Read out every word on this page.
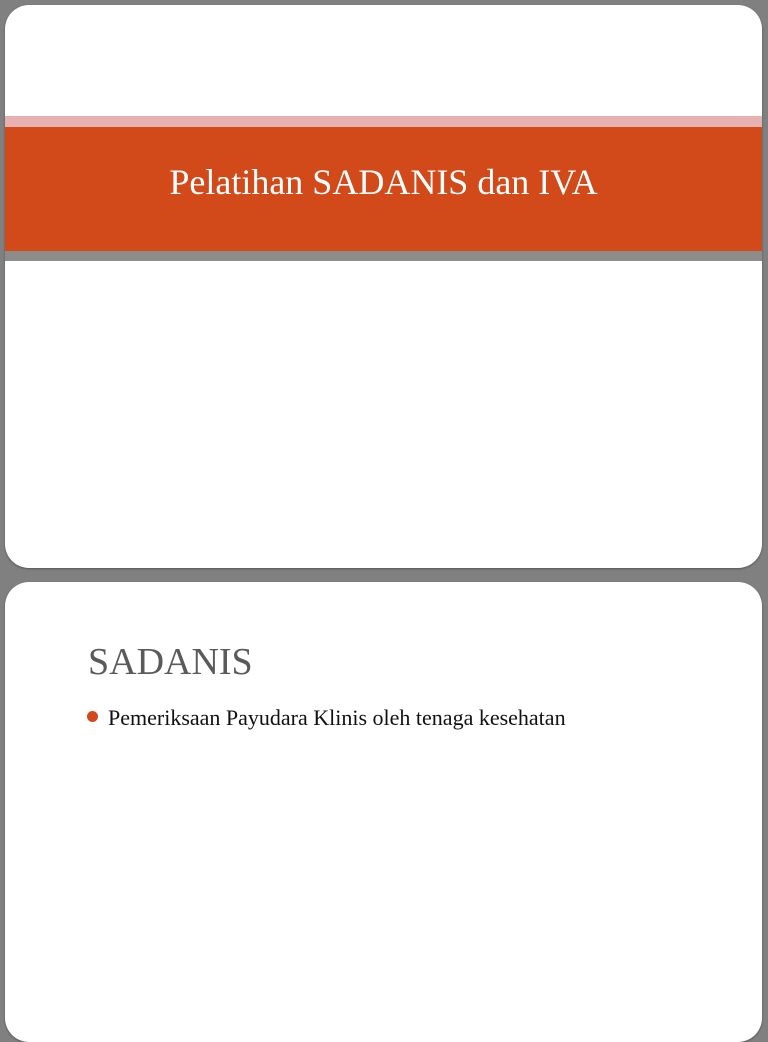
Pelatihan SADANIS dan IVA
SADANIS
Pemeriksaan Payudara Klinis oleh tenaga kesehatan
